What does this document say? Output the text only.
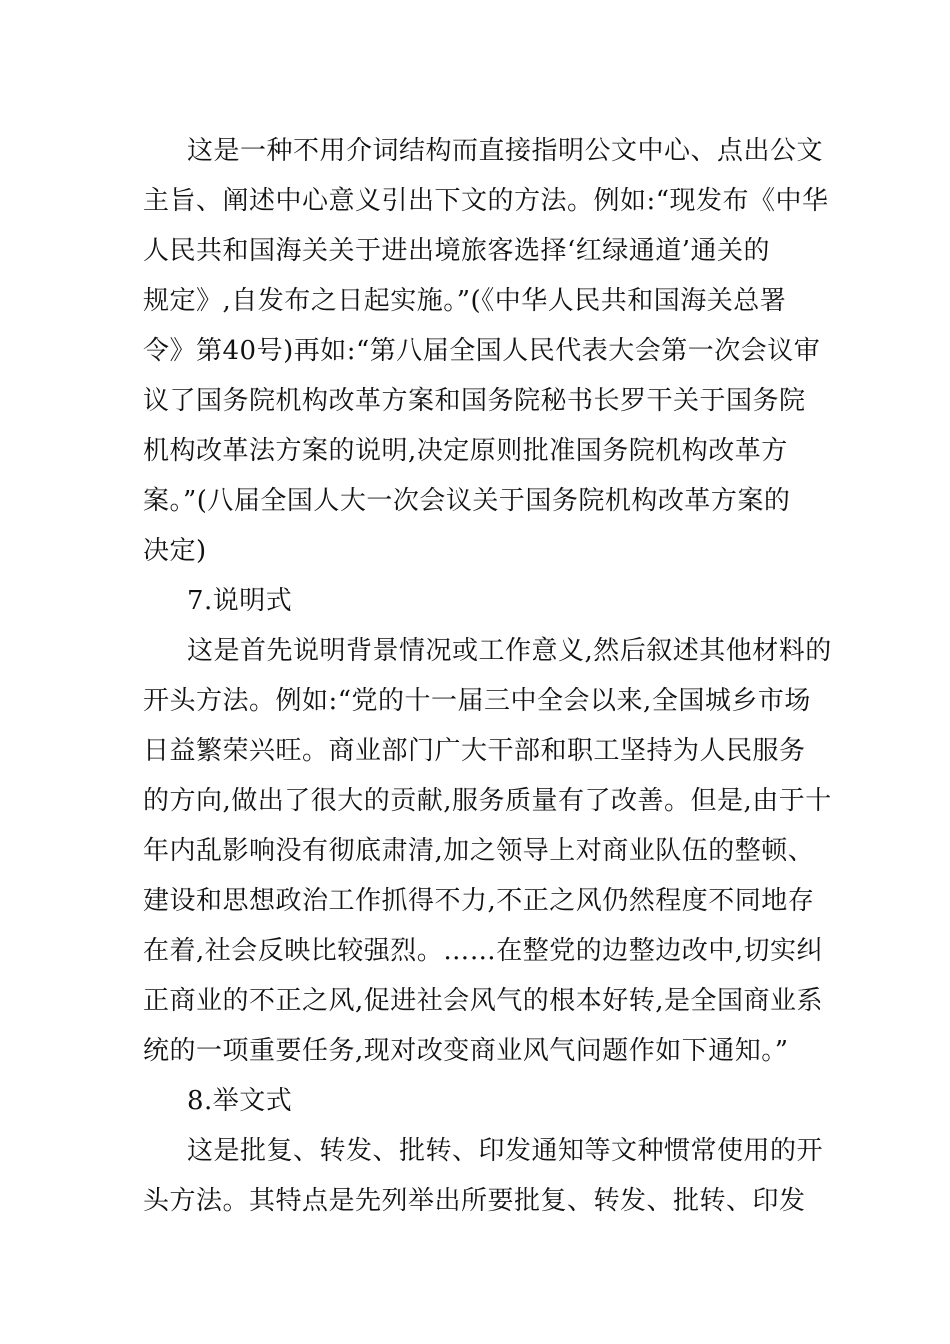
这是一种不用介词结构而直接指明公文中心、点出公文
主旨、阐述中心意义引出下文的方法。例如:“现发布《中华
人民共和国海关关于进出境旅客选择‘红绿通道’通关的
规定》,自发布之日起实施。”(《中华人民共和国海关总署
令》第40号)再如:“第八届全国人民代表大会第一次会议审
议了国务院机构改革方案和国务院秘书长罗干关于国务院
机构改革法方案的说明,决定原则批准国务院机构改革方
案。”(八届全国人大一次会议关于国务院机构改革方案的
决定)
7.说明式
这是首先说明背景情况或工作意义,然后叙述其他材料的
开头方法。例如:“党的十一届三中全会以来,全国城乡市场
日益繁荣兴旺。商业部门广大干部和职工坚持为人民服务
的方向,做出了很大的贡献,服务质量有了改善。但是,由于十
年内乱影响没有彻底肃清,加之领导上对商业队伍的整顿、
建设和思想政治工作抓得不力,不正之风仍然程度不同地存
在着,社会反映比较强烈。……在整党的边整边改中,切实纠
正商业的不正之风,促进社会风气的根本好转,是全国商业系
统的一项重要任务,现对改变商业风气问题作如下通知。”
8.举文式
这是批复、转发、批转、印发通知等文种惯常使用的开
头方法。其特点是先列举出所要批复、转发、批转、印发
